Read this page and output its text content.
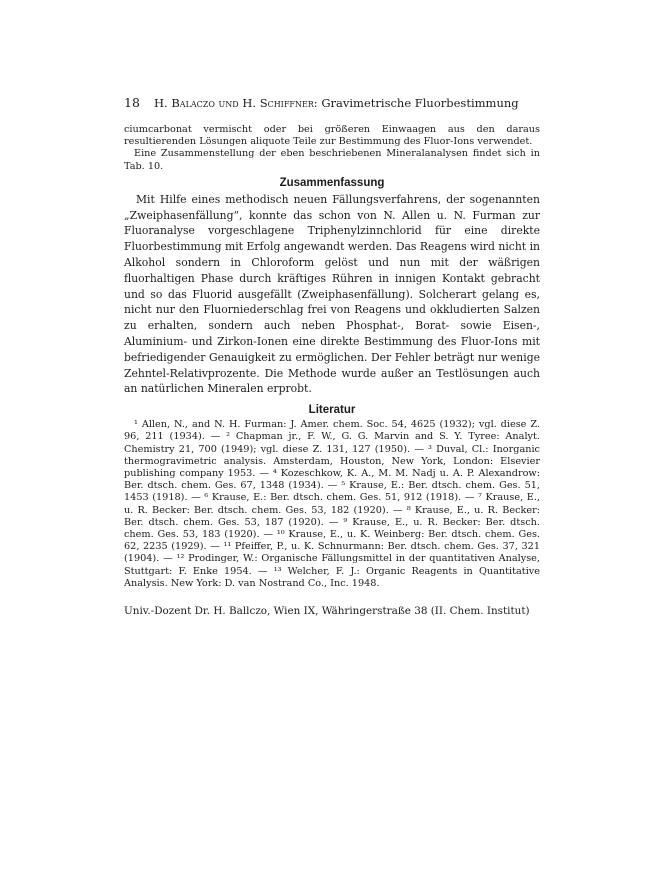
18	H. Balaczo und H. Schiffner:
Gravimetrische Fluorbestimmung

ciumcarbonat vermischt oder bei größeren Einwaagen aus den daraus resultierenden Lösungen aliquote Teile zur Bestimmung des Fluor-Ions verwendet.

Eine Zusammenstellung der eben beschriebenen Mineralanalysen findet sich in Tab. 10.

Zusammenfassung

Mit Hilfe eines methodisch neuen Fällungsverfahrens, der sogenannten „Zweiphasenfällung“, konnte das schon von N. Allen u. N. Furman zur Fluoranalyse vorgeschlagene Triphenylzinnchlorid für eine direkte Fluorbestimmung mit Erfolg angewandt werden. Das Reagens wird nicht in Alkohol sondern in Chloroform gelöst und nun mit der wäßrigen fluorhaltigen Phase durch kräftiges Rühren in innigen Kontakt gebracht und so das Fluorid ausgefällt (Zweiphasenfällung). Solcherart gelang es, nicht nur den Fluorniederschlag frei von Reagens und okkludierten Salzen zu erhalten, sondern auch neben Phosphat-, Borat- sowie Eisen-, Aluminium- und Zirkon-Ionen eine direkte Bestimmung des Fluor-Ions mit befriedigender Genauigkeit zu ermöglichen. Der Fehler beträgt nur wenige Zehntel-Relativprozente. Die Methode wurde außer an Testlösungen auch an natürlichen Mineralen erprobt.

Literatur

¹ Allen, N., and N. H. Furman: J. Amer. chem. Soc. 54, 4625 (1932); vgl. diese Z. 96, 211 (1934). — ² Chapman jr., F. W., G. G. Marvin and S. Y. Tyree: Analyt. Chemistry 21, 700 (1949); vgl. diese Z. 131, 127 (1950). — ³ Duval, Cl.: Inorganic thermogravimetric analysis. Amsterdam, Houston, New York, London: Elsevier publishing company 1953. — ⁴ Kozeschkow, K. A., M. M. Nadj u. A. P. Alexandrow: Ber. dtsch. chem. Ges. 67, 1348 (1934). — ⁵ Krause, E.: Ber. dtsch. chem. Ges. 51, 1453 (1918). — ⁶ Krause, E.: Ber. dtsch. chem. Ges. 51, 912 (1918). — ⁷ Krause, E., u. R. Becker: Ber. dtsch. chem. Ges. 53, 182 (1920). — ⁸ Krause, E., u. R. Becker: Ber. dtsch. chem. Ges. 53, 187 (1920). — ⁹ Krause, E., u. R. Becker: Ber. dtsch. chem. Ges. 53, 183 (1920). — ¹⁰ Krause, E., u. K. Weinberg: Ber. dtsch. chem. Ges. 62, 2235 (1929). — ¹¹ Pfeiffer, P., u. K. Schnurmann: Ber. dtsch. chem. Ges. 37, 321 (1904). — ¹² Prodinger, W.: Organische Fällungsmittel in der quantitativen Analyse, Stuttgart: F. Enke 1954. — ¹³ Welcher, F. J.: Organic Reagents in Quantitative Analysis. New York: D. van Nostrand Co., Inc. 1948.

Univ.-Dozent Dr. H. Ballczo, Wien IX, Währingerstraße 38 (II. Chem. Institut)
